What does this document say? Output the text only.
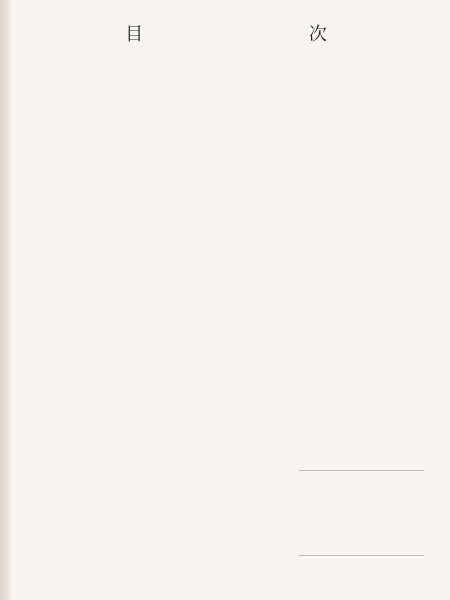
目 次
